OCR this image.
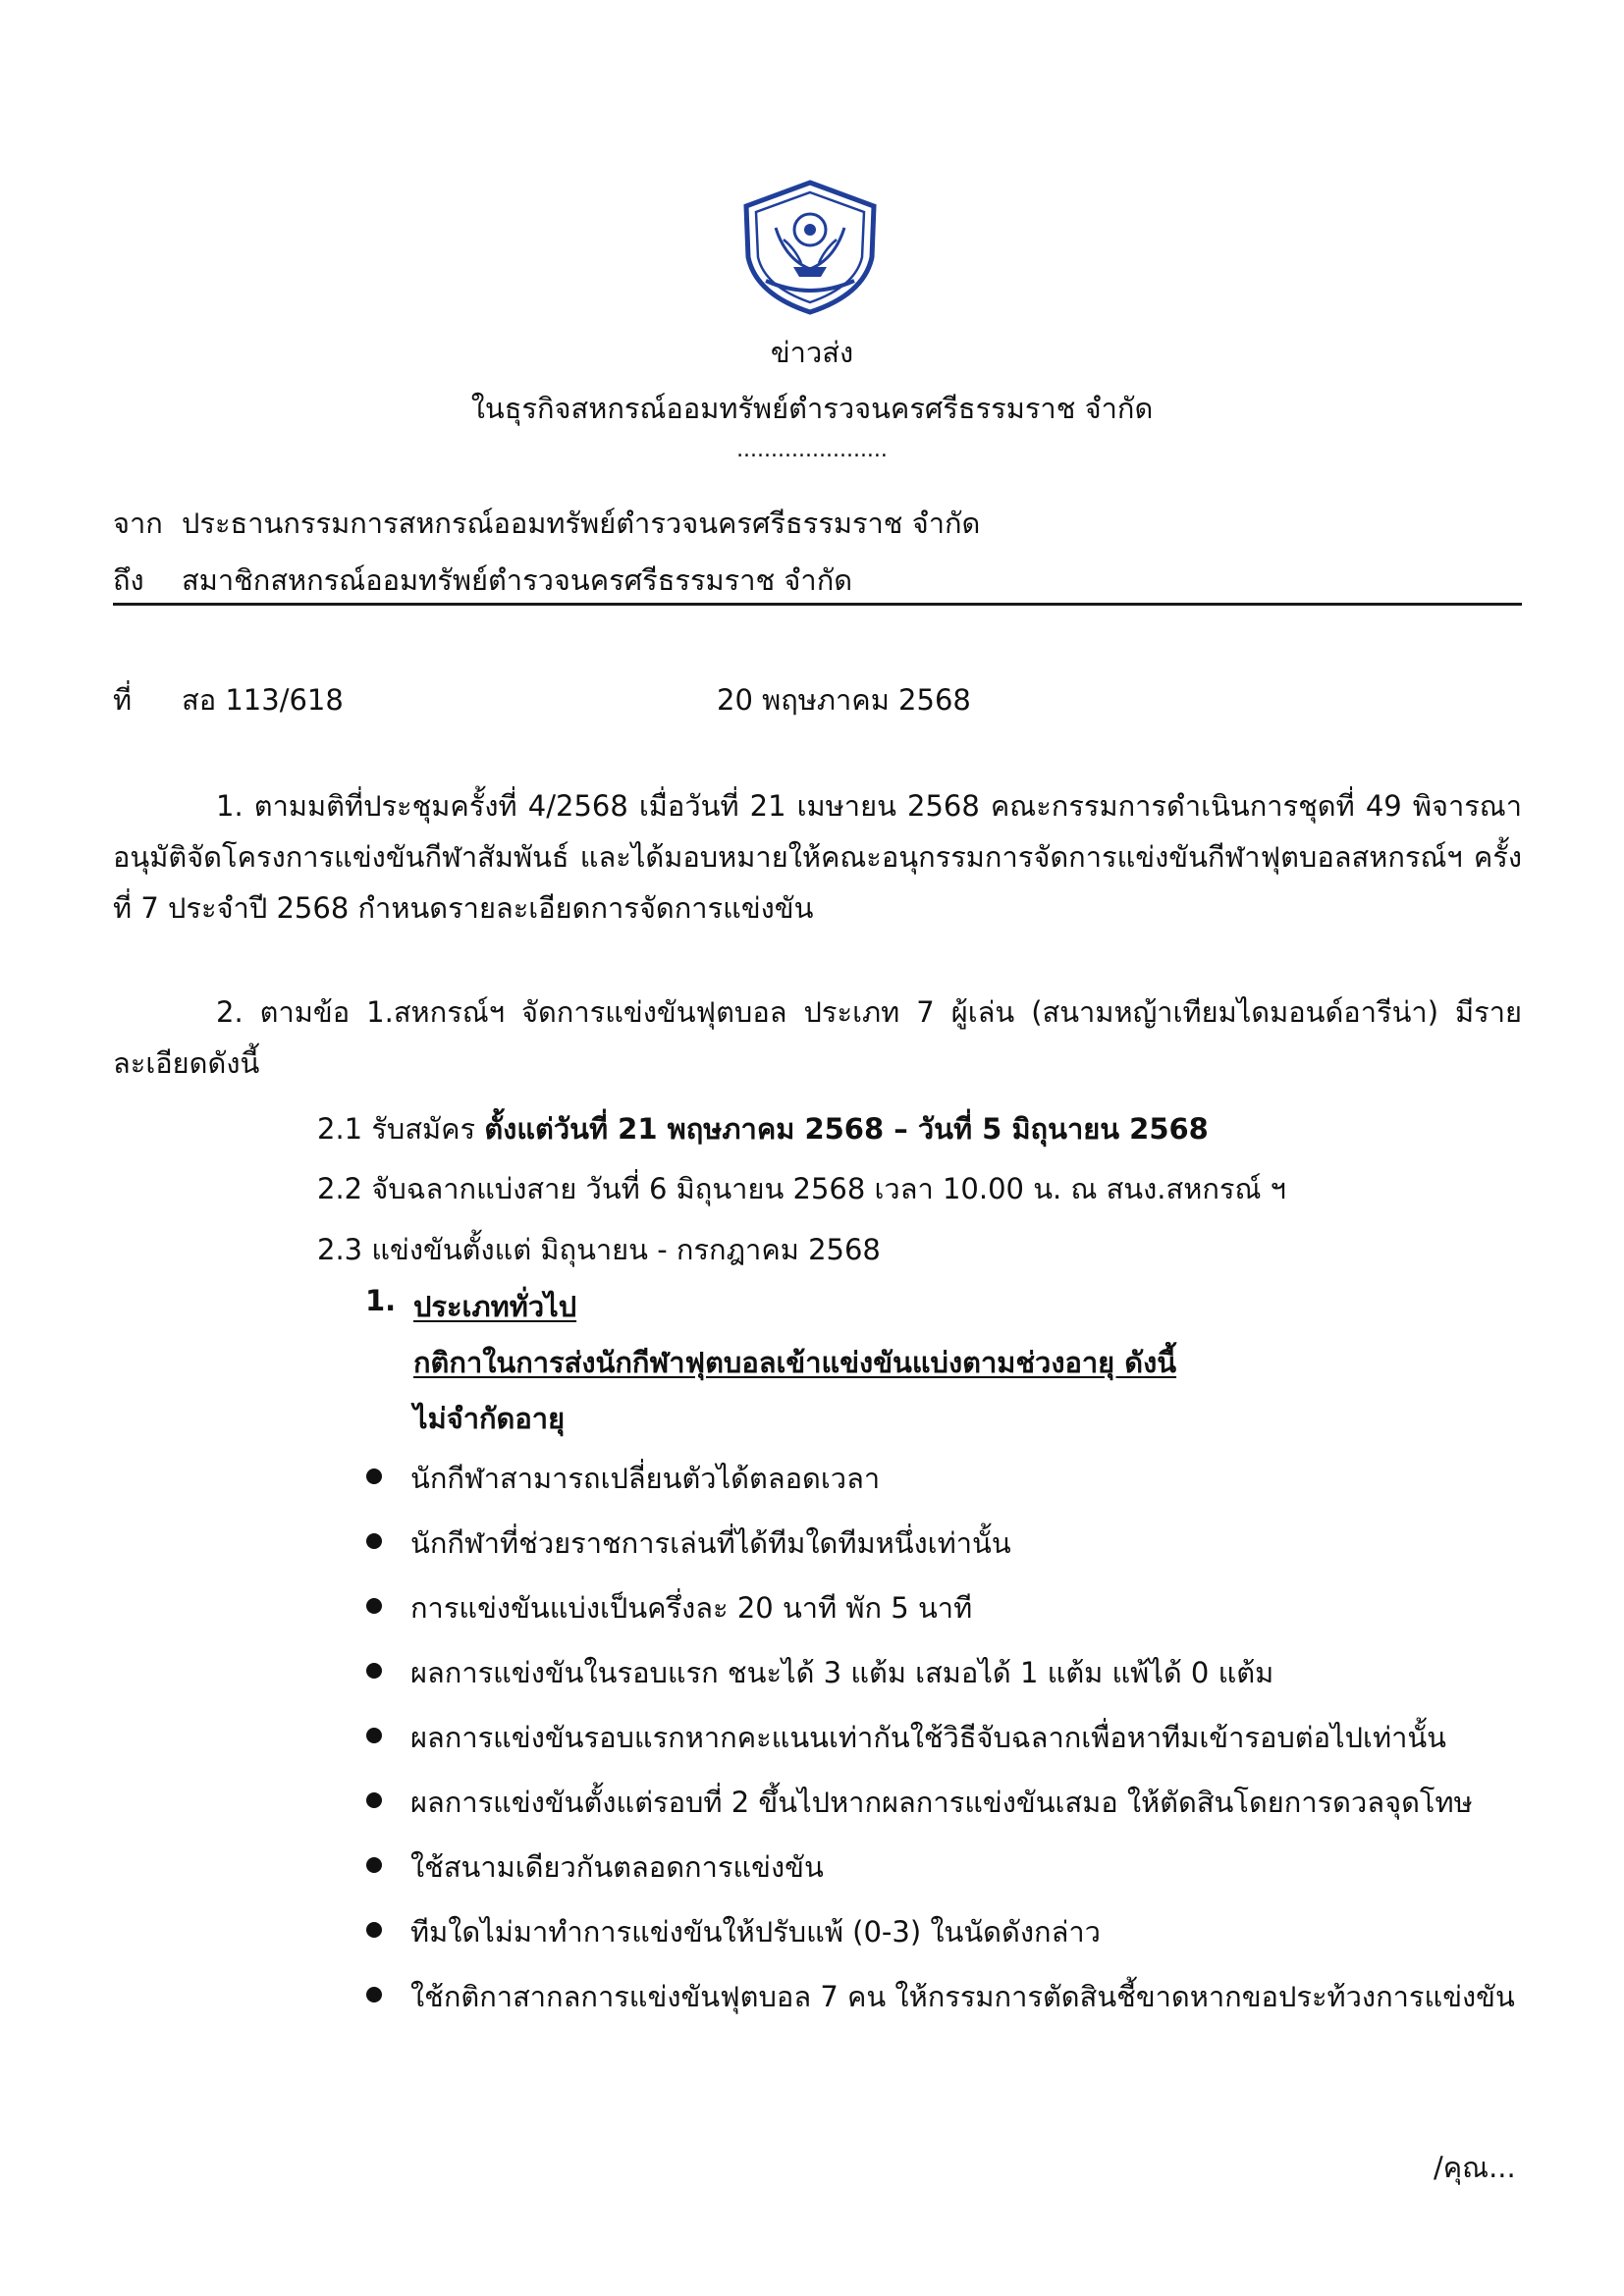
ข่าวส่ง
ในธุรกิจสหกรณ์ออมทรัพย์ตำรวจนครศรีธรรมราช จำกัด
......................
จาก ประธานกรรมการสหกรณ์ออมทรัพย์ตำรวจนครศรีธรรมราช จำกัด
ถึง สมาชิกสหกรณ์ออมทรัพย์ตำรวจนครศรีธรรมราช จำกัด
ที่ สอ 113/618	20 พฤษภาคม 2568
1. ตามมติที่ประชุมครั้งที่ 4/2568 เมื่อวันที่ 21 เมษายน 2568 คณะกรรมการดำเนินการชุดที่ 49 พิจารณาอนุมัติจัดโครงการแข่งขันกีฬาสัมพันธ์ และได้มอบหมายให้คณะอนุกรรมการจัดการแข่งขันกีฬาฟุตบอลสหกรณ์ฯ ครั้งที่ 7 ประจำปี 2568 กำหนดรายละเอียดการจัดการแข่งขัน
2. ตามข้อ 1.สหกรณ์ฯ จัดการแข่งขันฟุตบอล ประเภท 7 ผู้เล่น (สนามหญ้าเทียมไดมอนด์อารีน่า) มีรายละเอียดดังนี้
2.1 รับสมัคร ตั้งแต่วันที่ 21 พฤษภาคม 2568 – วันที่ 5 มิถุนายน 2568
2.2 จับฉลากแบ่งสาย วันที่ 6 มิถุนายน 2568 เวลา 10.00 น. ณ สนง.สหกรณ์ ฯ
2.3 แข่งขันตั้งแต่ มิถุนายน - กรกฎาคม 2568
1. ประเภททั่วไป
กติกาในการส่งนักกีฬาฟุตบอลเข้าแข่งขันแบ่งตามช่วงอายุ ดังนี้
ไม่จำกัดอายุ
นักกีฬาสามารถเปลี่ยนตัวได้ตลอดเวลา
นักกีฬาที่ช่วยราชการเล่นที่ได้ทีมใดทีมหนึ่งเท่านั้น
การแข่งขันแบ่งเป็นครึ่งละ 20 นาที พัก 5 นาที
ผลการแข่งขันในรอบแรก ชนะได้ 3 แต้ม เสมอได้ 1 แต้ม แพ้ได้ 0 แต้ม
ผลการแข่งขันรอบแรกหากคะแนนเท่ากันใช้วิธีจับฉลากเพื่อหาทีมเข้ารอบต่อไปเท่านั้น
ผลการแข่งขันตั้งแต่รอบที่ 2 ขึ้นไปหากผลการแข่งขันเสมอ ให้ตัดสินโดยการดวลจุดโทษ
ใช้สนามเดียวกันตลอดการแข่งขัน
ทีมใดไม่มาทำการแข่งขันให้ปรับแพ้ (0-3) ในนัดดังกล่าว
ใช้กติกาสากลการแข่งขันฟุตบอล 7 คน ให้กรรมการตัดสินชี้ขาดหากขอประท้วงการแข่งขัน
/คุณ...
